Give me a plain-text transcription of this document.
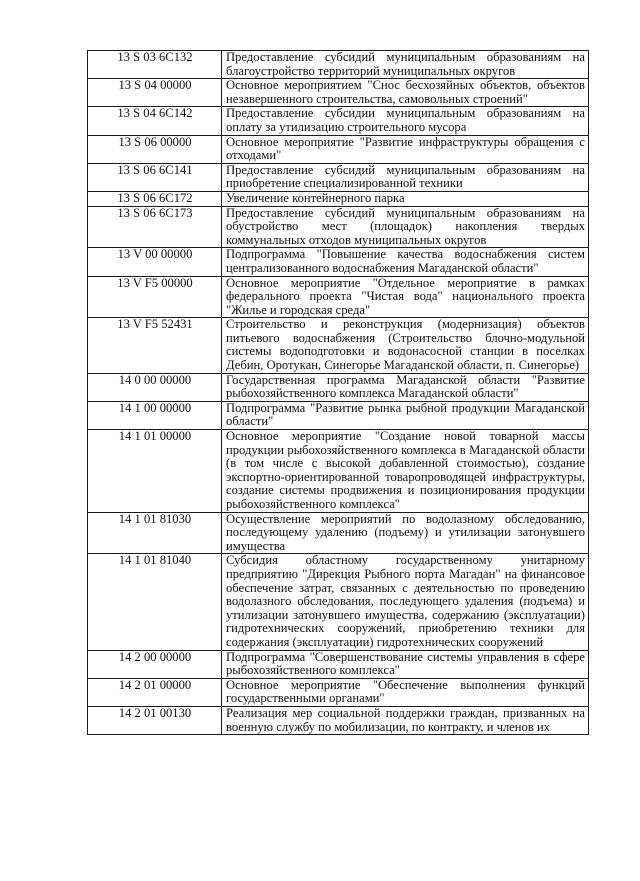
13 S 03 6C132	Предоставление субсидий муниципальным образованиям на благоустройство территорий муниципальных округов
13 S 04 00000	Основное мероприятием "Снос бесхозяйных объектов, объектов незавершенного строительства, самовольных строений"
13 S 04 6C142	Предоставление субсидии муниципальным образованиям на оплату за утилизацию строительного мусора
13 S 06 00000	Основное мероприятие "Развитие инфраструктуры обращения с отходами"
13 S 06 6C141	Предоставление субсидий муниципальным образованиям на приобретение специализированной техники
13 S 06 6C172	Увеличение контейнерного парка
13 S 06 6C173	Предоставление субсидий муниципальным образованиям на обустройство мест (площадок) накопления твердых коммунальных отходов муниципальных округов
13 V 00 00000	Подпрограмма "Повышение качества водоснабжения систем централизованного водоснабжения Магаданской области"
13 V F5 00000	Основное мероприятие "Отдельное мероприятие в рамках федерального проекта "Чистая вода" национального проекта "Жилье и городская среда"
13 V F5 52431	Строительство и реконструкция (модернизация) объектов питьевого водоснабжения (Строительство блочно-модульной системы водоподготовки и водонасосной станции в поселках Дебин, Оротукан, Синегорье Магаданской области, п. Синегорье)
14 0 00 00000	Государственная программа Магаданской области "Развитие рыбохозяйственного комплекса Магаданской области"
14 1 00 00000	Подпрограмма "Развитие рынка рыбной продукции Магаданской области"
14 1 01 00000	Основное мероприятие "Создание новой товарной массы продукции рыбохозяйственного комплекса в Магаданской области (в том числе с высокой добавленной стоимостью), создание экспортно-ориентированной товаропроводящей инфраструктуры, создание системы продвижения и позиционирования продукции рыбохозяйственного комплекса"
14 1 01 81030	Осуществление мероприятий по водолазному обследованию, последующему удалению (подъему) и утилизации затонувшего имущества
14 1 01 81040	Субсидия областному государственному унитарному предприятию "Дирекция Рыбного порта Магадан" на финансовое обеспечение затрат, связанных с деятельностью по проведению водолазного обследования, последующего удаления (подъема) и утилизации затонувшего имущества, содержанию (эксплуатации) гидротехнических сооружений, приобретению техники для содержания (эксплуатации) гидротехнических сооружений
14 2 00 00000	Подпрограмма "Совершенствование системы управления в сфере рыбохозяйственного комплекса"
14 2 01 00000	Основное мероприятие "Обеспечение выполнения функций государственными органами"
14 2 01 00130	Реализация мер социальной поддержки граждан, призванных на военную службу по мобилизации, по контракту, и членов их
